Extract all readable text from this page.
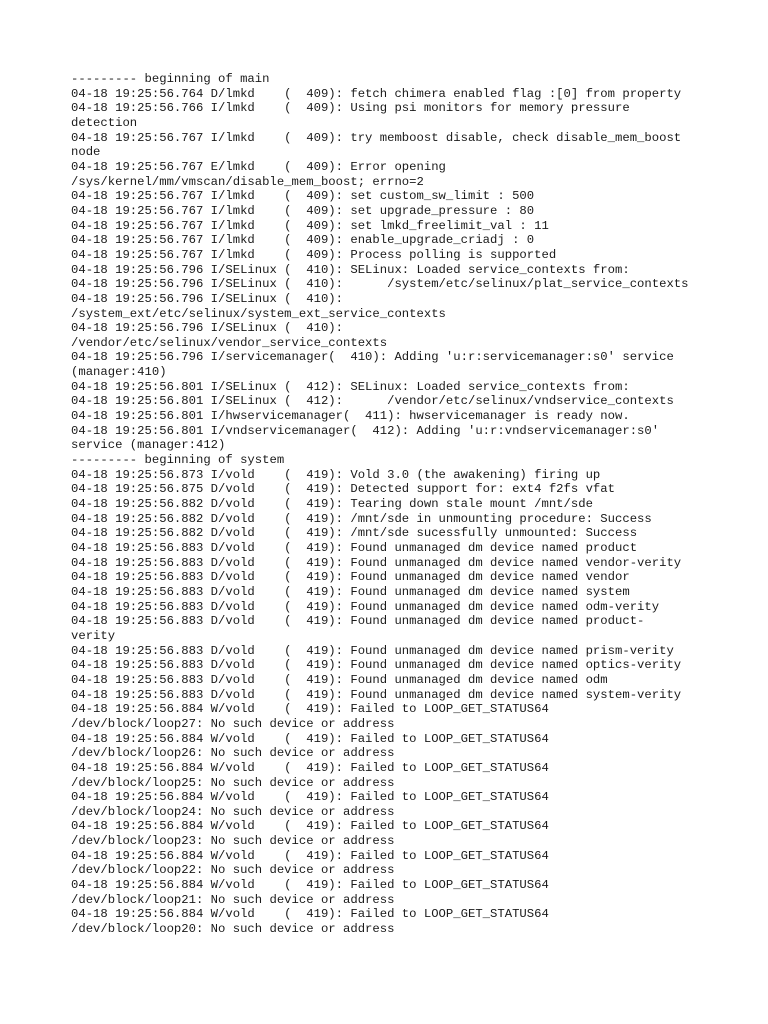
--------- beginning of main
04-18 19:25:56.764 D/lmkd    (  409): fetch chimera enabled flag :[0] from property
04-18 19:25:56.766 I/lmkd    (  409): Using psi monitors for memory pressure
detection
04-18 19:25:56.767 I/lmkd    (  409): try memboost disable, check disable_mem_boost
node
04-18 19:25:56.767 E/lmkd    (  409): Error opening
/sys/kernel/mm/vmscan/disable_mem_boost; errno=2
04-18 19:25:56.767 I/lmkd    (  409): set custom_sw_limit : 500
04-18 19:25:56.767 I/lmkd    (  409): set upgrade_pressure : 80
04-18 19:25:56.767 I/lmkd    (  409): set lmkd_freelimit_val : 11
04-18 19:25:56.767 I/lmkd    (  409): enable_upgrade_criadj : 0
04-18 19:25:56.767 I/lmkd    (  409): Process polling is supported
04-18 19:25:56.796 I/SELinux (  410): SELinux: Loaded service_contexts from:
04-18 19:25:56.796 I/SELinux (  410):      /system/etc/selinux/plat_service_contexts
04-18 19:25:56.796 I/SELinux (  410):
/system_ext/etc/selinux/system_ext_service_contexts
04-18 19:25:56.796 I/SELinux (  410):
/vendor/etc/selinux/vendor_service_contexts
04-18 19:25:56.796 I/servicemanager(  410): Adding 'u:r:servicemanager:s0' service
(manager:410)
04-18 19:25:56.801 I/SELinux (  412): SELinux: Loaded service_contexts from:
04-18 19:25:56.801 I/SELinux (  412):      /vendor/etc/selinux/vndservice_contexts
04-18 19:25:56.801 I/hwservicemanager(  411): hwservicemanager is ready now.
04-18 19:25:56.801 I/vndservicemanager(  412): Adding 'u:r:vndservicemanager:s0'
service (manager:412)
--------- beginning of system
04-18 19:25:56.873 I/vold    (  419): Vold 3.0 (the awakening) firing up
04-18 19:25:56.875 D/vold    (  419): Detected support for: ext4 f2fs vfat
04-18 19:25:56.882 D/vold    (  419): Tearing down stale mount /mnt/sde
04-18 19:25:56.882 D/vold    (  419): /mnt/sde in unmounting procedure: Success
04-18 19:25:56.882 D/vold    (  419): /mnt/sde sucessfully unmounted: Success
04-18 19:25:56.883 D/vold    (  419): Found unmanaged dm device named product
04-18 19:25:56.883 D/vold    (  419): Found unmanaged dm device named vendor-verity
04-18 19:25:56.883 D/vold    (  419): Found unmanaged dm device named vendor
04-18 19:25:56.883 D/vold    (  419): Found unmanaged dm device named system
04-18 19:25:56.883 D/vold    (  419): Found unmanaged dm device named odm-verity
04-18 19:25:56.883 D/vold    (  419): Found unmanaged dm device named product-
verity
04-18 19:25:56.883 D/vold    (  419): Found unmanaged dm device named prism-verity
04-18 19:25:56.883 D/vold    (  419): Found unmanaged dm device named optics-verity
04-18 19:25:56.883 D/vold    (  419): Found unmanaged dm device named odm
04-18 19:25:56.883 D/vold    (  419): Found unmanaged dm device named system-verity
04-18 19:25:56.884 W/vold    (  419): Failed to LOOP_GET_STATUS64
/dev/block/loop27: No such device or address
04-18 19:25:56.884 W/vold    (  419): Failed to LOOP_GET_STATUS64
/dev/block/loop26: No such device or address
04-18 19:25:56.884 W/vold    (  419): Failed to LOOP_GET_STATUS64
/dev/block/loop25: No such device or address
04-18 19:25:56.884 W/vold    (  419): Failed to LOOP_GET_STATUS64
/dev/block/loop24: No such device or address
04-18 19:25:56.884 W/vold    (  419): Failed to LOOP_GET_STATUS64
/dev/block/loop23: No such device or address
04-18 19:25:56.884 W/vold    (  419): Failed to LOOP_GET_STATUS64
/dev/block/loop22: No such device or address
04-18 19:25:56.884 W/vold    (  419): Failed to LOOP_GET_STATUS64
/dev/block/loop21: No such device or address
04-18 19:25:56.884 W/vold    (  419): Failed to LOOP_GET_STATUS64
/dev/block/loop20: No such device or address
